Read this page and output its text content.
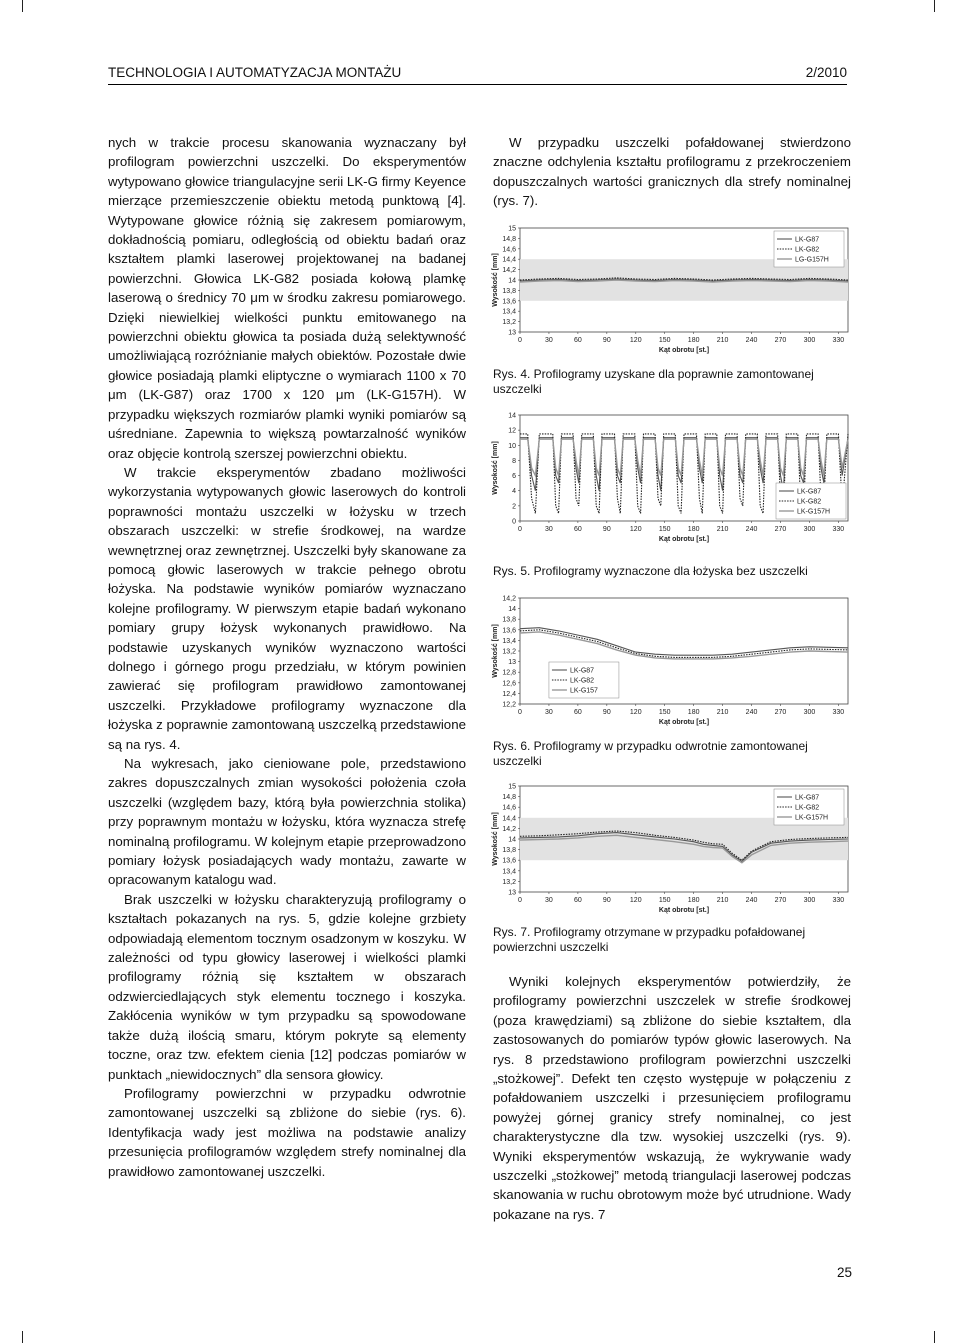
TECHNOLOGIA I AUTOMATYZACJA MONTAŻU	2/2010

nych w trakcie procesu skanowania wyznaczany był profilogram powierzchni uszczelki. Do eksperymentów wytypowano głowice triangulacyjne serii LK-G firmy Keyence mierzące przemieszczenie obiektu metodą punktową [4]. Wytypowane głowice różnią się zakresem pomiarowym, dokładnością pomiaru, odległością od obiektu badań oraz kształtem plamki laserowej projektowanej na badanej powierzchni. Głowica LK-G82 posiada kołową plamkę laserową o średnicy 70 μm w środku zakresu pomiarowego. Dzięki niewielkiej wielkości punktu emitowanego na powierzchni obiektu głowica ta posiada dużą selektywność umożliwiającą rozróżnianie małych obiektów. Pozostałe dwie głowice posiadają plamki eliptyczne o wymiarach 1100 x 70 μm (LK-G87) oraz 1700 x 120 μm (LK-G157H). W przypadku większych rozmiarów plamki wyniki pomiarów są uśredniane. Zapewnia to większą powtarzalność wyników oraz objęcie kontrolą szerszej powierzchni obiektu.

W trakcie eksperymentów zbadano możliwości wykorzystania wytypowanych głowic laserowych do kontroli poprawności montażu uszczelki w łożysku w trzech obszarach uszczelki: w strefie środkowej, na wardze wewnętrznej oraz zewnętrznej. Uszczelki były skanowane za pomocą głowic laserowych w trakcie pełnego obrotu łożyska. Na podstawie wyników pomiarów wyznaczano kolejne profilogramy. W pierwszym etapie badań wykonano pomiary grupy łożysk wykonanych prawidłowo. Na podstawie uzyskanych wyników wyznaczono wartości dolnego i górnego progu przedziału, w którym powinien zawierać się profilogram prawidłowo zamontowanej uszczelki. Przykładowe profilogramy wyznaczone dla łożyska z poprawnie zamontowaną uszczelką przedstawione są na rys. 4.

Na wykresach, jako cieniowane pole, przedstawiono zakres dopuszczalnych zmian wysokości położenia czoła uszczelki (względem bazy, którą była powierzchnia stolika) przy poprawnym montażu w łożysku, która wyznacza strefę nominalną profilogramu. W kolejnym etapie przeprowadzono pomiary łożysk posiadających wady montażu, zawarte w opracowanym katalogu wad.

Brak uszczelki w łożysku charakteryzują profilogramy o kształtach pokazanych na rys. 5, gdzie kolejne grzbiety odpowiadają elementom tocznym osadzonym w koszyku. W zależności od typu głowicy laserowej i wielkości plamki profilogramy różnią się kształtem w obszarach odzwierciedlających styk elementu tocznego i koszyka. Zakłócenia wyników w tym przypadku są spowodowane także dużą ilością smaru, którym pokryte są elementy toczne, oraz tzw. efektem cienia [12] podczas pomiarów w punktach „niewidocznych” dla sensora głowicy.

Profilogramy powierzchni w przypadku odwrotnie zamontowanej uszczelki są zbliżone do siebie (rys. 6). Identyfikacja wady jest możliwa na podstawie analizy przesunięcia profilogramów względem strefy nominalnej dla prawidłowo zamontowanej uszczelki.

W przypadku uszczelki pofałdowanej stwierdzono znaczne odchylenia kształtu profilogramu z przekroczeniem dopuszczalnych wartości granicznych dla strefy nominalnej (rys. 7).

15
14,8
14,6
14,4
14,2
14
13,8
13,6
13,4
13,2
13
0	30	60	90	120 150 180 210 240 270 300 330
Kąt obrotu [st.]
Wysokość [mm]
LK-G87
LK-G82
LG-G157H
Rys. 4. Profilogramy uzyskane dla poprawnie zamontowanej uszczelki
14
12
10
8
6
4
2
0
0	30	60	90	120 150 180 210 240 270 300 330
Kąt obrotu [st.]
Wysokość [mm]	LK-G87
LK-G82
LK-G157H
Rys. 5. Profilogramy wyznaczone dla łożyska bez uszczelki
14,2
14
13,8
13,6
13,4
13,2
13
12,8
12,6
12,4
12,2
0	30	60	90	120 150 180 210 240 270 300 330
Kąt obrotu [st.]
Wysokość [mm]	LK-G87
LK-G82
LK-G157
Rys. 6. Profilogramy w przypadku odwrotnie zamontowanej uszczelki
15
14,8
14,6
14,4
14,2
14
13,8
13,6
13,4
13,2
13
0	30	60	90	120 150 180 210 240 270 300 330
Kąt obrotu [st.]
Wysokość [mm]
LK-G87
LK-G82
LK-G157H
Rys. 7. Profilogramy otrzymane w przypadku pofałdowanej powierzchni uszczelki

Wyniki kolejnych eksperymentów potwierdziły, że profilogramy powierzchni uszczelek w strefie środkowej (poza krawędziami) są zbliżone do siebie kształtem, dla zastosowanych do pomiarów typów głowic laserowych. Na rys. 8 przedstawiono profilogram powierzchni uszczelki „stożkowej”. Defekt ten często występuje w połączeniu z pofałdowaniem uszczelki i przesunięciem profilogramu powyżej górnej granicy strefy nominalnej, co jest charakterystyczne dla tzw. wysokiej uszczelki (rys. 9). Wyniki eksperymentów wskazują, że wykrywanie wady uszczelki „stożkowej” metodą triangulacji laserowej podczas skanowania w ruchu obrotowym może być utrudnione. Wady pokazane na rys. 7

25
